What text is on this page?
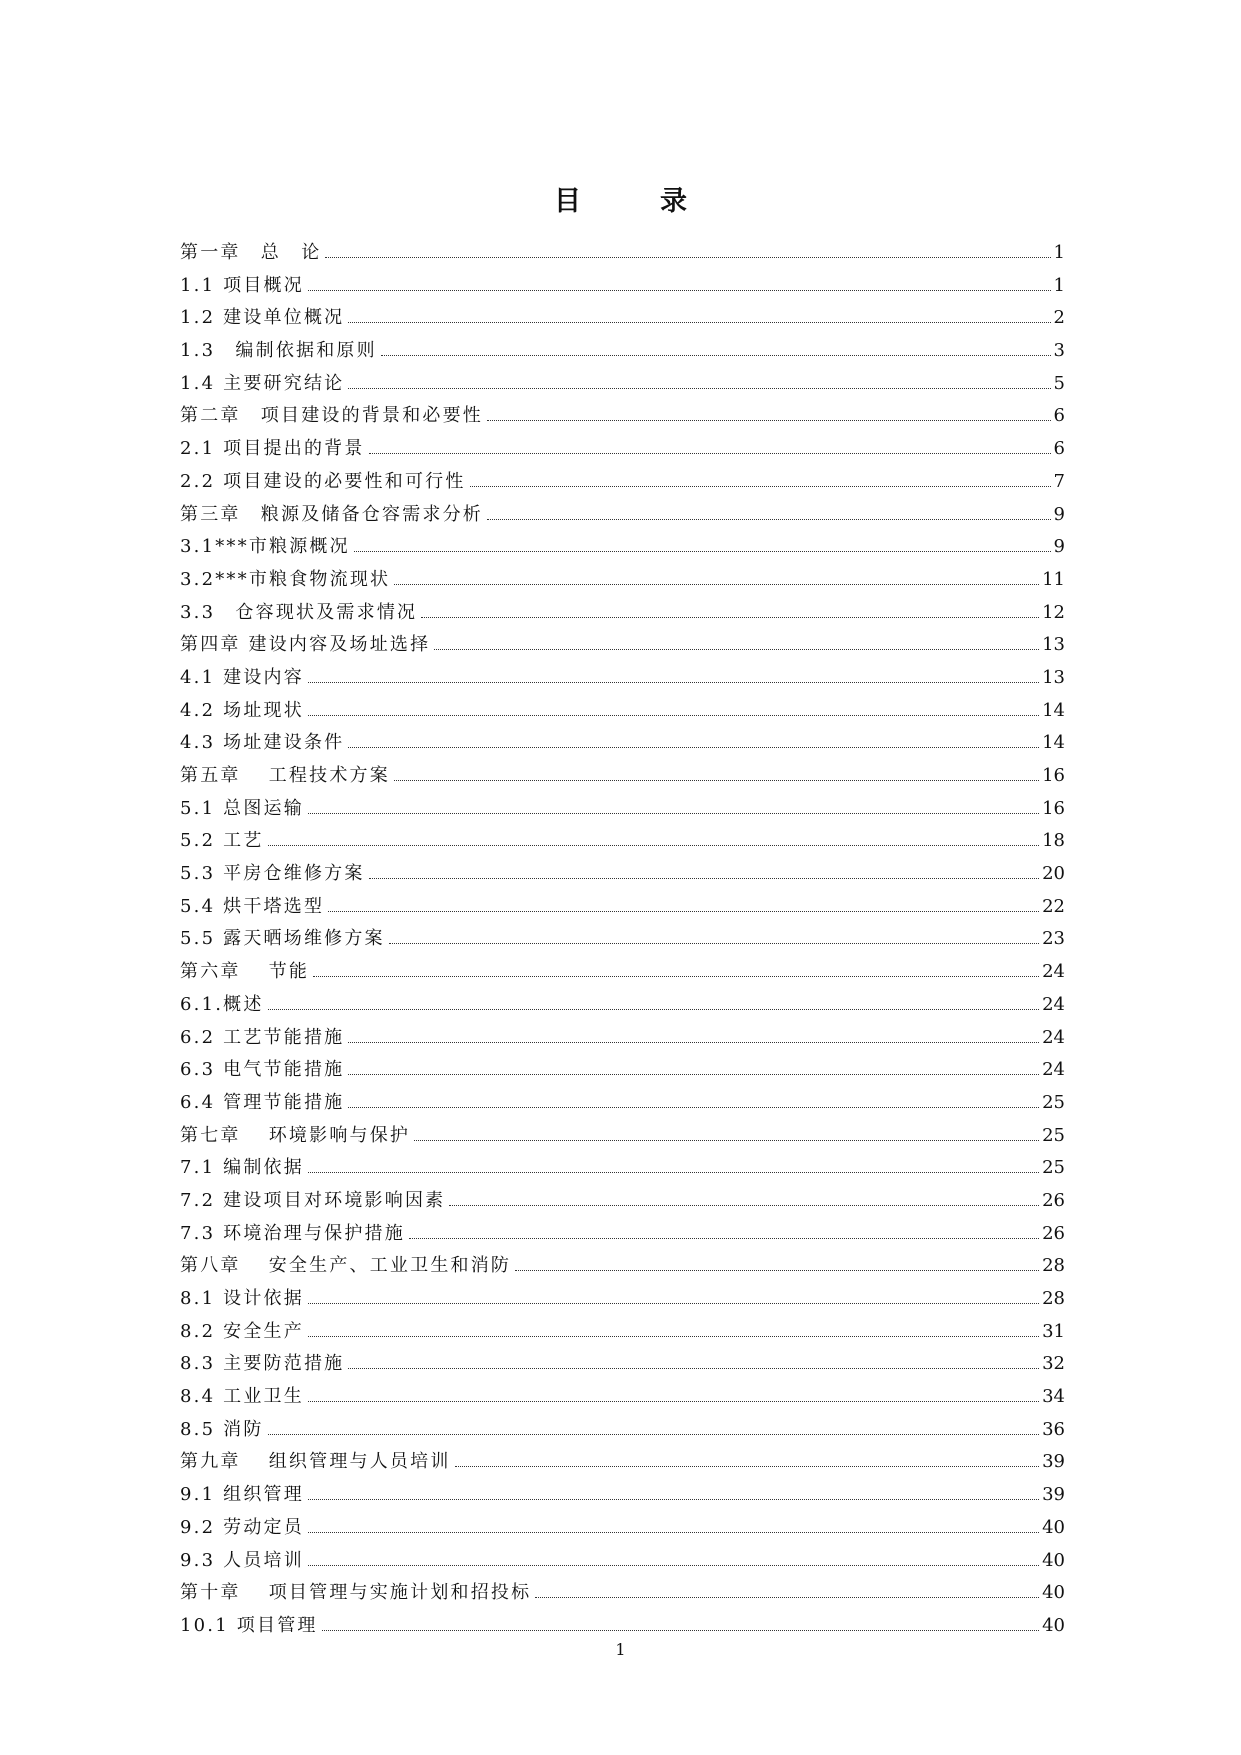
目　录
第一章　总　论	1
1.1 项目概况	1
1.2 建设单位概况	2
1.3　编制依据和原则	3
1.4 主要研究结论	5
第二章　项目建设的背景和必要性	6
2.1 项目提出的背景	6
2.2 项目建设的必要性和可行性	7
第三章　粮源及储备仓容需求分析	9
3.1***市粮源概况	9
3.2***市粮食物流现状	11
3.3　仓容现状及需求情况	12
第四章 建设内容及场址选择	13
4.1 建设内容	13
4.2 场址现状	14
4.3 场址建设条件	14
第五章　 工程技术方案	16
5.1 总图运输	16
5.2 工艺	18
5.3 平房仓维修方案	20
5.4 烘干塔选型	22
5.5 露天晒场维修方案	23
第六章　 节能	24
6.1.概述	24
6.2 工艺节能措施	24
6.3 电气节能措施	24
6.4 管理节能措施	25
第七章　 环境影响与保护	25
7.1 编制依据	25
7.2 建设项目对环境影响因素	26
7.3 环境治理与保护措施	26
第八章　 安全生产、工业卫生和消防	28
8.1 设计依据	28
8.2 安全生产	31
8.3 主要防范措施	32
8.4 工业卫生	34
8.5 消防	36
第九章　 组织管理与人员培训	39
9.1 组织管理	39
9.2 劳动定员	40
9.3 人员培训	40
第十章　 项目管理与实施计划和招投标	40
10.1 项目管理	40
1
